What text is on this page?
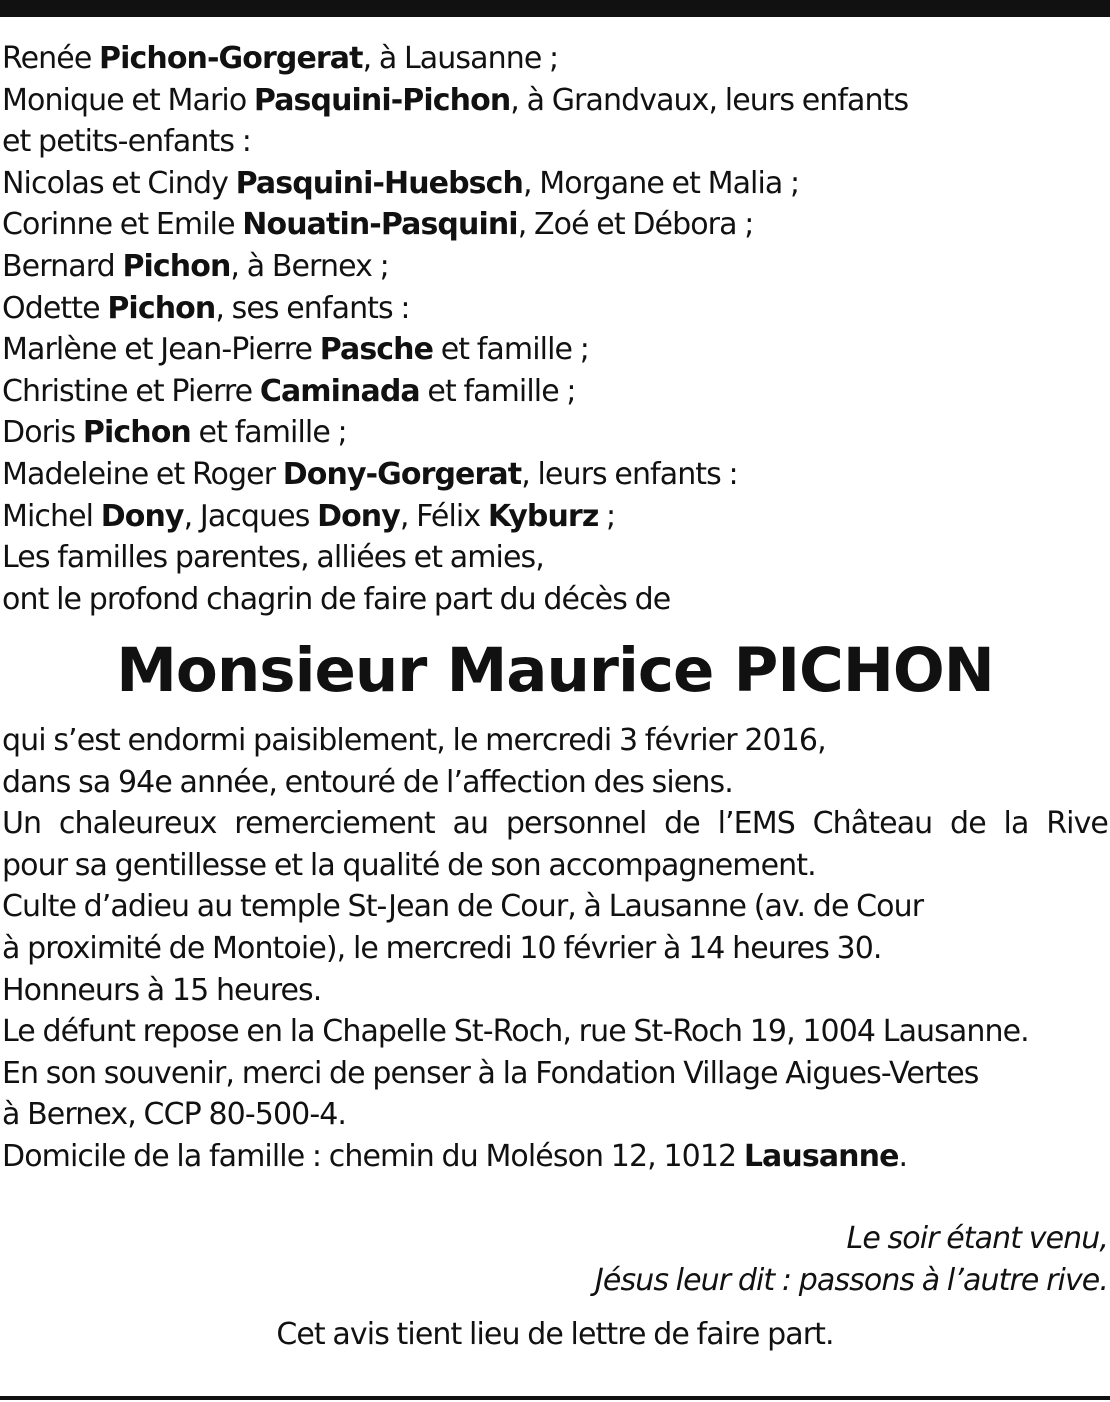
Renée Pichon-Gorgerat, à Lausanne ;
Monique et Mario Pasquini-Pichon, à Grandvaux, leurs enfants
et petits-enfants :
Nicolas et Cindy Pasquini-Huebsch, Morgane et Malia ;
Corinne et Emile Nouatin-Pasquini, Zoé et Débora ;
Bernard Pichon, à Bernex ;
Odette Pichon, ses enfants :
Marlène et Jean-Pierre Pasche et famille ;
Christine et Pierre Caminada et famille ;
Doris Pichon et famille ;
Madeleine et Roger Dony-Gorgerat, leurs enfants :
Michel Dony, Jacques Dony, Félix Kyburz ;
Les familles parentes, alliées et amies,
ont le profond chagrin de faire part du décès de
Monsieur Maurice PICHON
qui s’est endormi paisiblement, le mercredi 3 février 2016,
dans sa 94e année, entouré de l’affection des siens.
Un chaleureux remerciement au personnel de l’EMS Château de la Rive
pour sa gentillesse et la qualité de son accompagnement.
Culte d’adieu au temple St-Jean de Cour, à Lausanne (av. de Cour
à proximité de Montoie), le mercredi 10 février à 14 heures 30.
Honneurs à 15 heures.
Le défunt repose en la Chapelle St-Roch, rue St-Roch 19, 1004 Lausanne.
En son souvenir, merci de penser à la Fondation Village Aigues-Vertes
à Bernex, CCP 80-500-4.
Domicile de la famille : chemin du Moléson 12, 1012 Lausanne.
Le soir étant venu,
Jésus leur dit : passons à l’autre rive.
Cet avis tient lieu de lettre de faire part.
